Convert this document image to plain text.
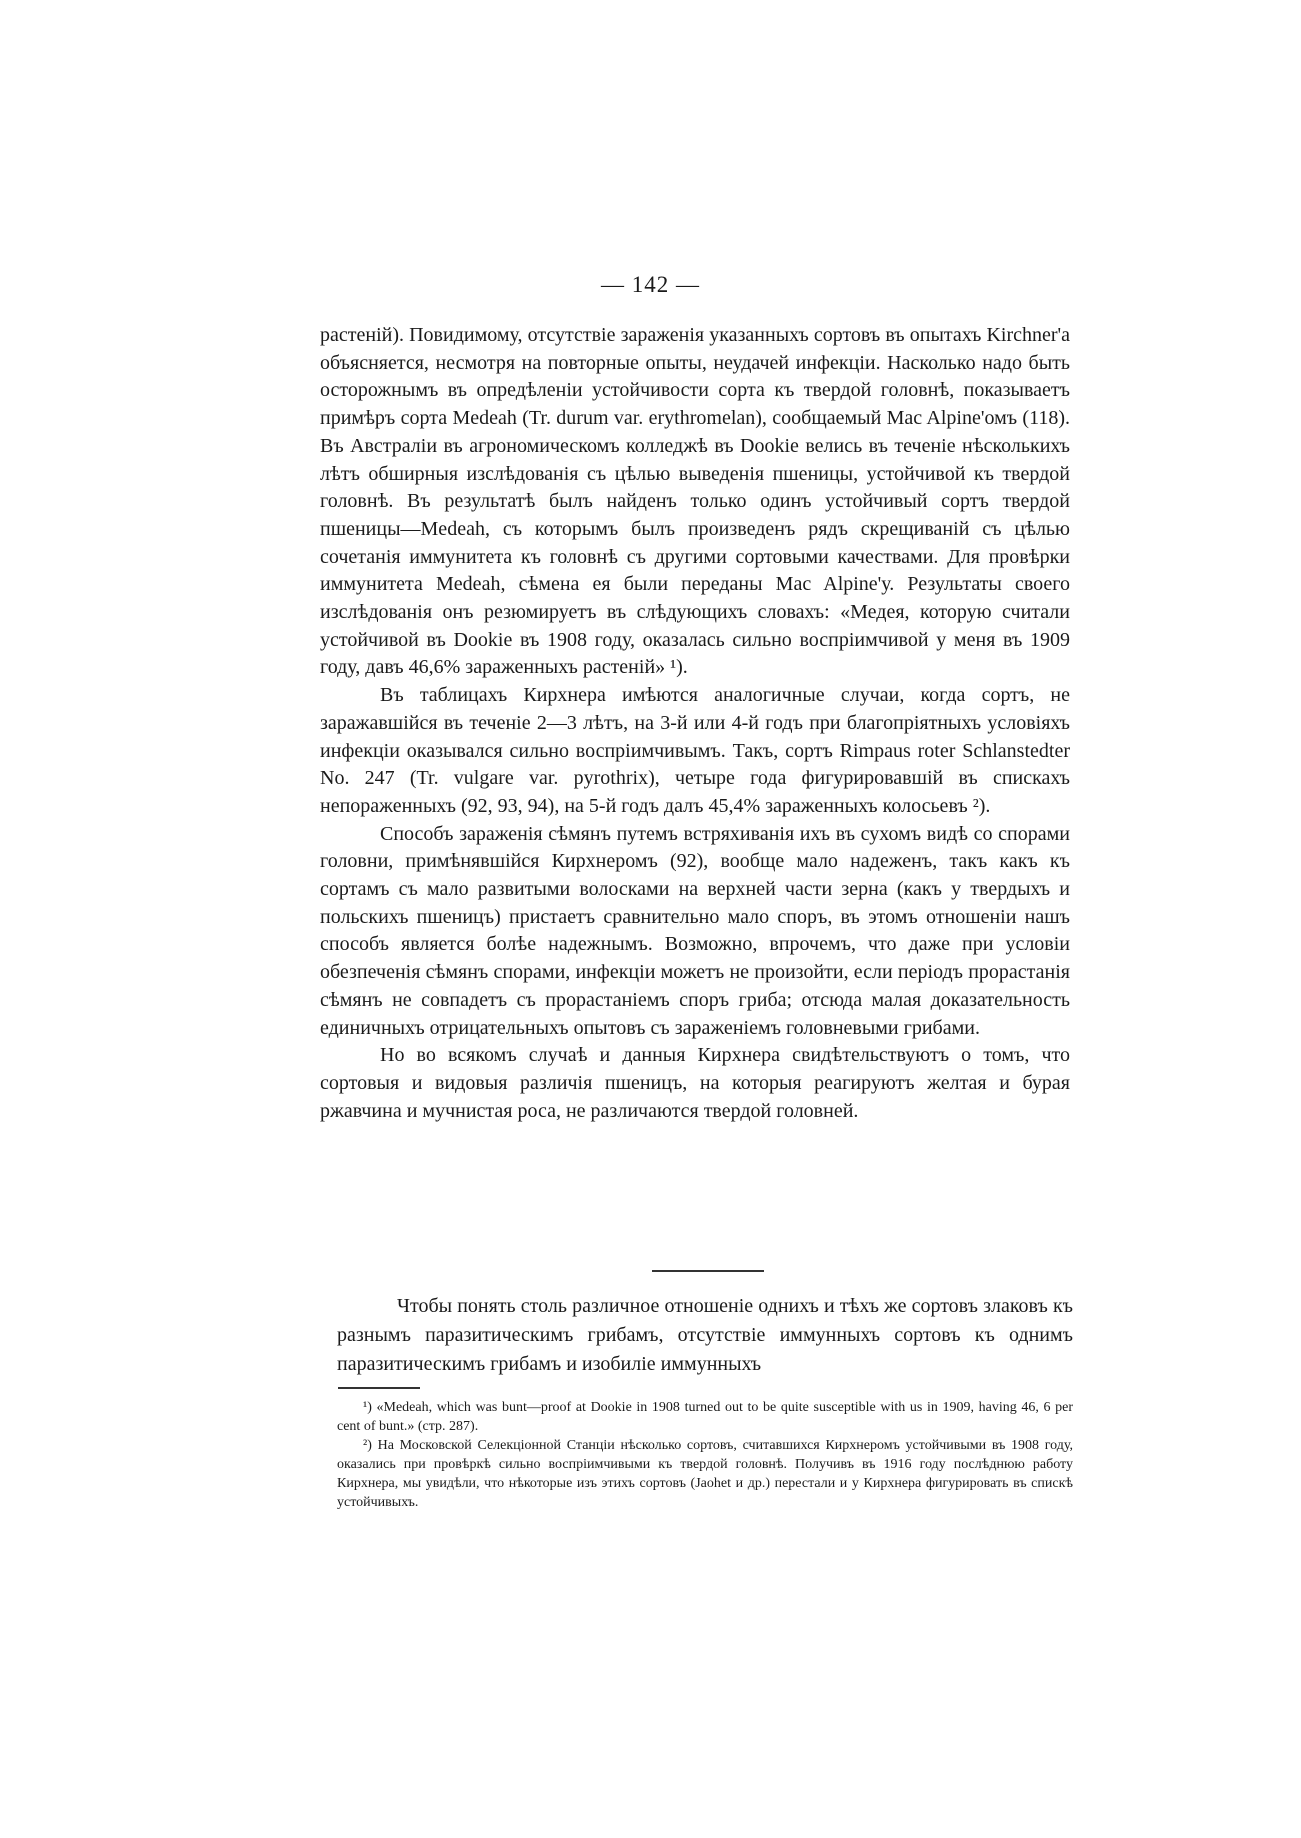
— 142 —

растеній). Повидимому, отсутствіе зараженія указанныхъ сортовъ въ опытахъ Kirchner'а объясняется, несмотря на повторные опыты, неудачей инфекціи. Насколько надо быть осторожнымъ въ опредѣленіи устойчивости сорта къ твердой головнѣ, показываетъ примѣръ сорта Medeah (Tr. durum var. erythromelan), сообщаемый Mac Alpine'омъ (118). Въ Австраліи въ агрономическомъ колледжѣ въ Dookie велись въ теченіе нѣсколькихъ лѣтъ обширныя изслѣдованія съ цѣлью выведенія пшеницы, устойчивой къ твердой головнѣ. Въ результатѣ былъ найденъ только одинъ устойчивый сортъ твердой пшеницы—Medeah, съ которымъ былъ произведенъ рядъ скрещиваній съ цѣлью сочетанія иммунитета къ головнѣ съ другими сортовыми качествами. Для провѣрки иммунитета Medeah, сѣмена ея были переданы Mac Alpine'у. Результаты своего изслѣдованія онъ резюмируетъ въ слѣдующихъ словахъ: «Медея, которую считали устойчивой въ Dookie въ 1908 году, оказалась сильно воспріимчивой у меня въ 1909 году, давъ 46,6% зараженныхъ растеній» ¹).

Въ таблицахъ Кирхнера имѣются аналогичные случаи, когда сортъ, не заражавшійся въ теченіе 2—3 лѣтъ, на 3-й или 4-й годъ при благопріятныхъ условіяхъ инфекціи оказывался сильно воспріимчивымъ. Такъ, сортъ Rimpaus roter Schlanstedter No. 247 (Tr. vulgare var. pyrothrix), четыре года фигурировавшій въ спискахъ непораженныхъ (92, 93, 94), на 5-й годъ далъ 45,4% зараженныхъ колосьевъ ²).

Способъ зараженія сѣмянъ путемъ встряхиванія ихъ въ сухомъ видѣ со спорами головни, примѣнявшійся Кирхнеромъ (92), вообще мало надеженъ, такъ какъ къ сортамъ съ мало развитыми волосками на верхней части зерна (какъ у твердыхъ и польскихъ пшеницъ) пристаетъ сравнительно мало споръ, въ этомъ отношеніи нашъ способъ является болѣе надежнымъ. Возможно, впрочемъ, что даже при условіи обезпеченія сѣмянъ спорами, инфекціи можетъ не произойти, если періодъ прорастанія сѣмянъ не совпадетъ съ прорастаніемъ споръ гриба; отсюда малая доказательность единичныхъ отрицательныхъ опытовъ съ зараженіемъ головневыми грибами.

Но во всякомъ случаѣ и данныя Кирхнера свидѣтельствуютъ о томъ, что сортовыя и видовыя различія пшеницъ, на которыя реагируютъ желтая и бурая ржавчина и мучнистая роса, не различаются твердой головней.

Чтобы понять столь различное отношеніе однихъ и тѣхъ же сортовъ злаковъ къ разнымъ паразитическимъ грибамъ, отсутствіе иммунныхъ сортовъ къ однимъ паразитическимъ грибамъ и изобиліе иммунныхъ

¹) «Medeah, which was bunt—proof at Dookie in 1908 turned out to be quite susceptible with us in 1909, having 46, 6 per cent of bunt.» (стр. 287).

²) На Московской Селекціонной Станціи нѣсколько сортовъ, считавшихся Кирхнеромъ устойчивыми въ 1908 году, оказались при провѣркѣ сильно воспріимчивыми къ твердой головнѣ. Получивъ въ 1916 году послѣднюю работу Кирхнера, мы увидѣли, что нѣкоторые изъ этихъ сортовъ (Jaohet и др.) перестали и у Кирхнера фигурировать въ спискѣ устойчивыхъ.
